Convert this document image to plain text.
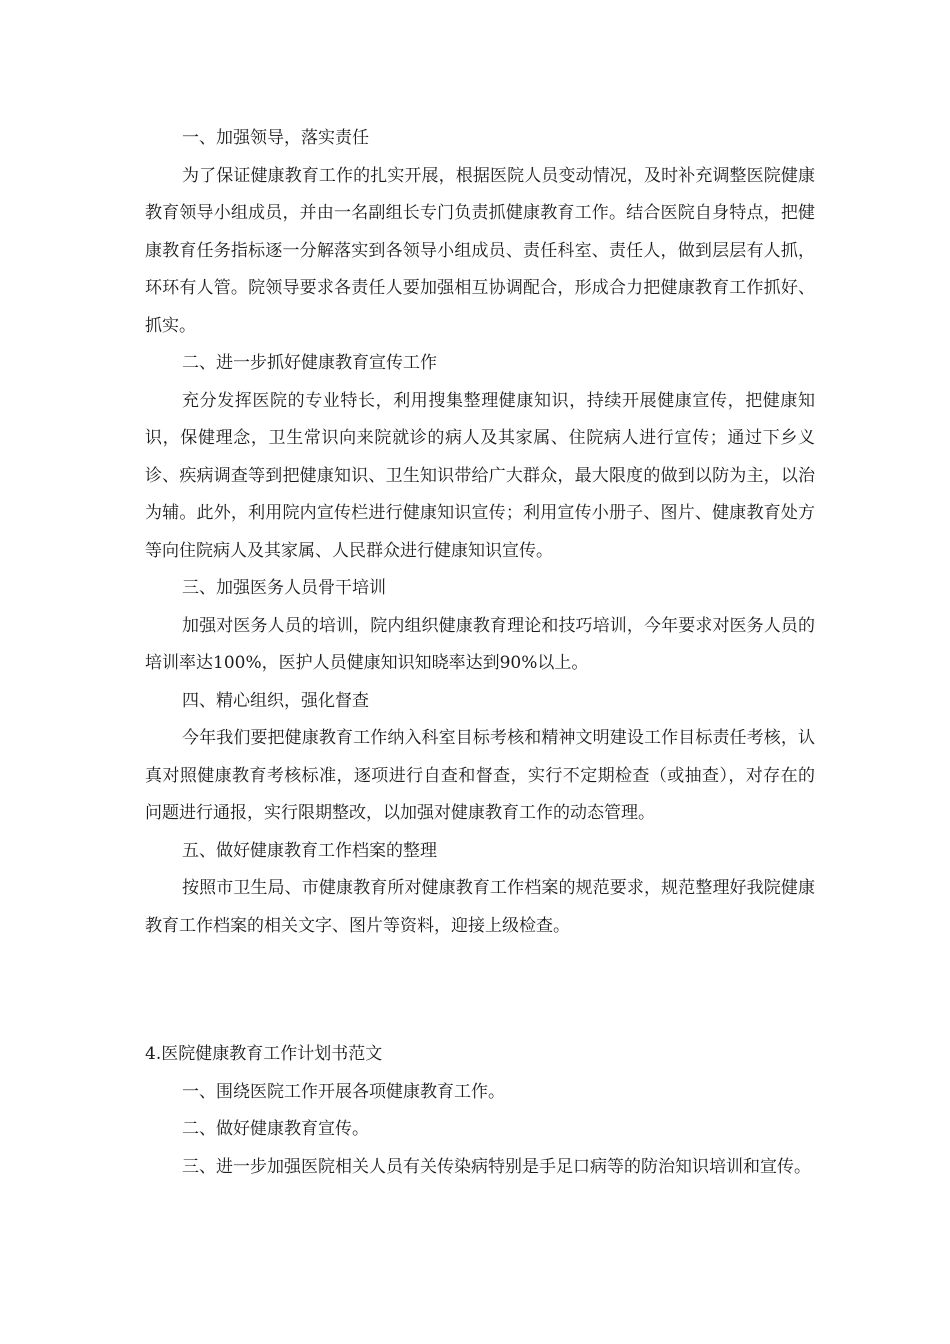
一、加强领导，落实责任

为了保证健康教育工作的扎实开展，根据医院人员变动情况，及时补充调整医院健康教育领导小组成员，并由一名副组长专门负责抓健康教育工作。结合医院自身特点，把健康教育任务指标逐一分解落实到各领导小组成员、责任科室、责任人，做到层层有人抓，环环有人管。院领导要求各责任人要加强相互协调配合，形成合力把健康教育工作抓好、抓实。

二、进一步抓好健康教育宣传工作

充分发挥医院的专业特长，利用搜集整理健康知识，持续开展健康宣传，把健康知识，保健理念，卫生常识向来院就诊的病人及其家属、住院病人进行宣传；通过下乡义诊、疾病调查等到把健康知识、卫生知识带给广大群众，最大限度的做到以防为主，以治为辅。此外，利用院内宣传栏进行健康知识宣传；利用宣传小册子、图片、健康教育处方等向住院病人及其家属、人民群众进行健康知识宣传。

三、加强医务人员骨干培训

加强对医务人员的培训，院内组织健康教育理论和技巧培训，今年要求对医务人员的培训率达100%，医护人员健康知识知晓率达到90%以上。

四、精心组织，强化督查

今年我们要把健康教育工作纳入科室目标考核和精神文明建设工作目标责任考核，认真对照健康教育考核标准，逐项进行自查和督查，实行不定期检查（或抽查），对存在的问题进行通报，实行限期整改，以加强对健康教育工作的动态管理。

五、做好健康教育工作档案的整理

按照市卫生局、市健康教育所对健康教育工作档案的规范要求，规范整理好我院健康教育工作档案的相关文字、图片等资料，迎接上级检查。

4.医院健康教育工作计划书范文

一、围绕医院工作开展各项健康教育工作。

二、做好健康教育宣传。

三、进一步加强医院相关人员有关传染病特别是手足口病等的防治知识培训和宣传。
